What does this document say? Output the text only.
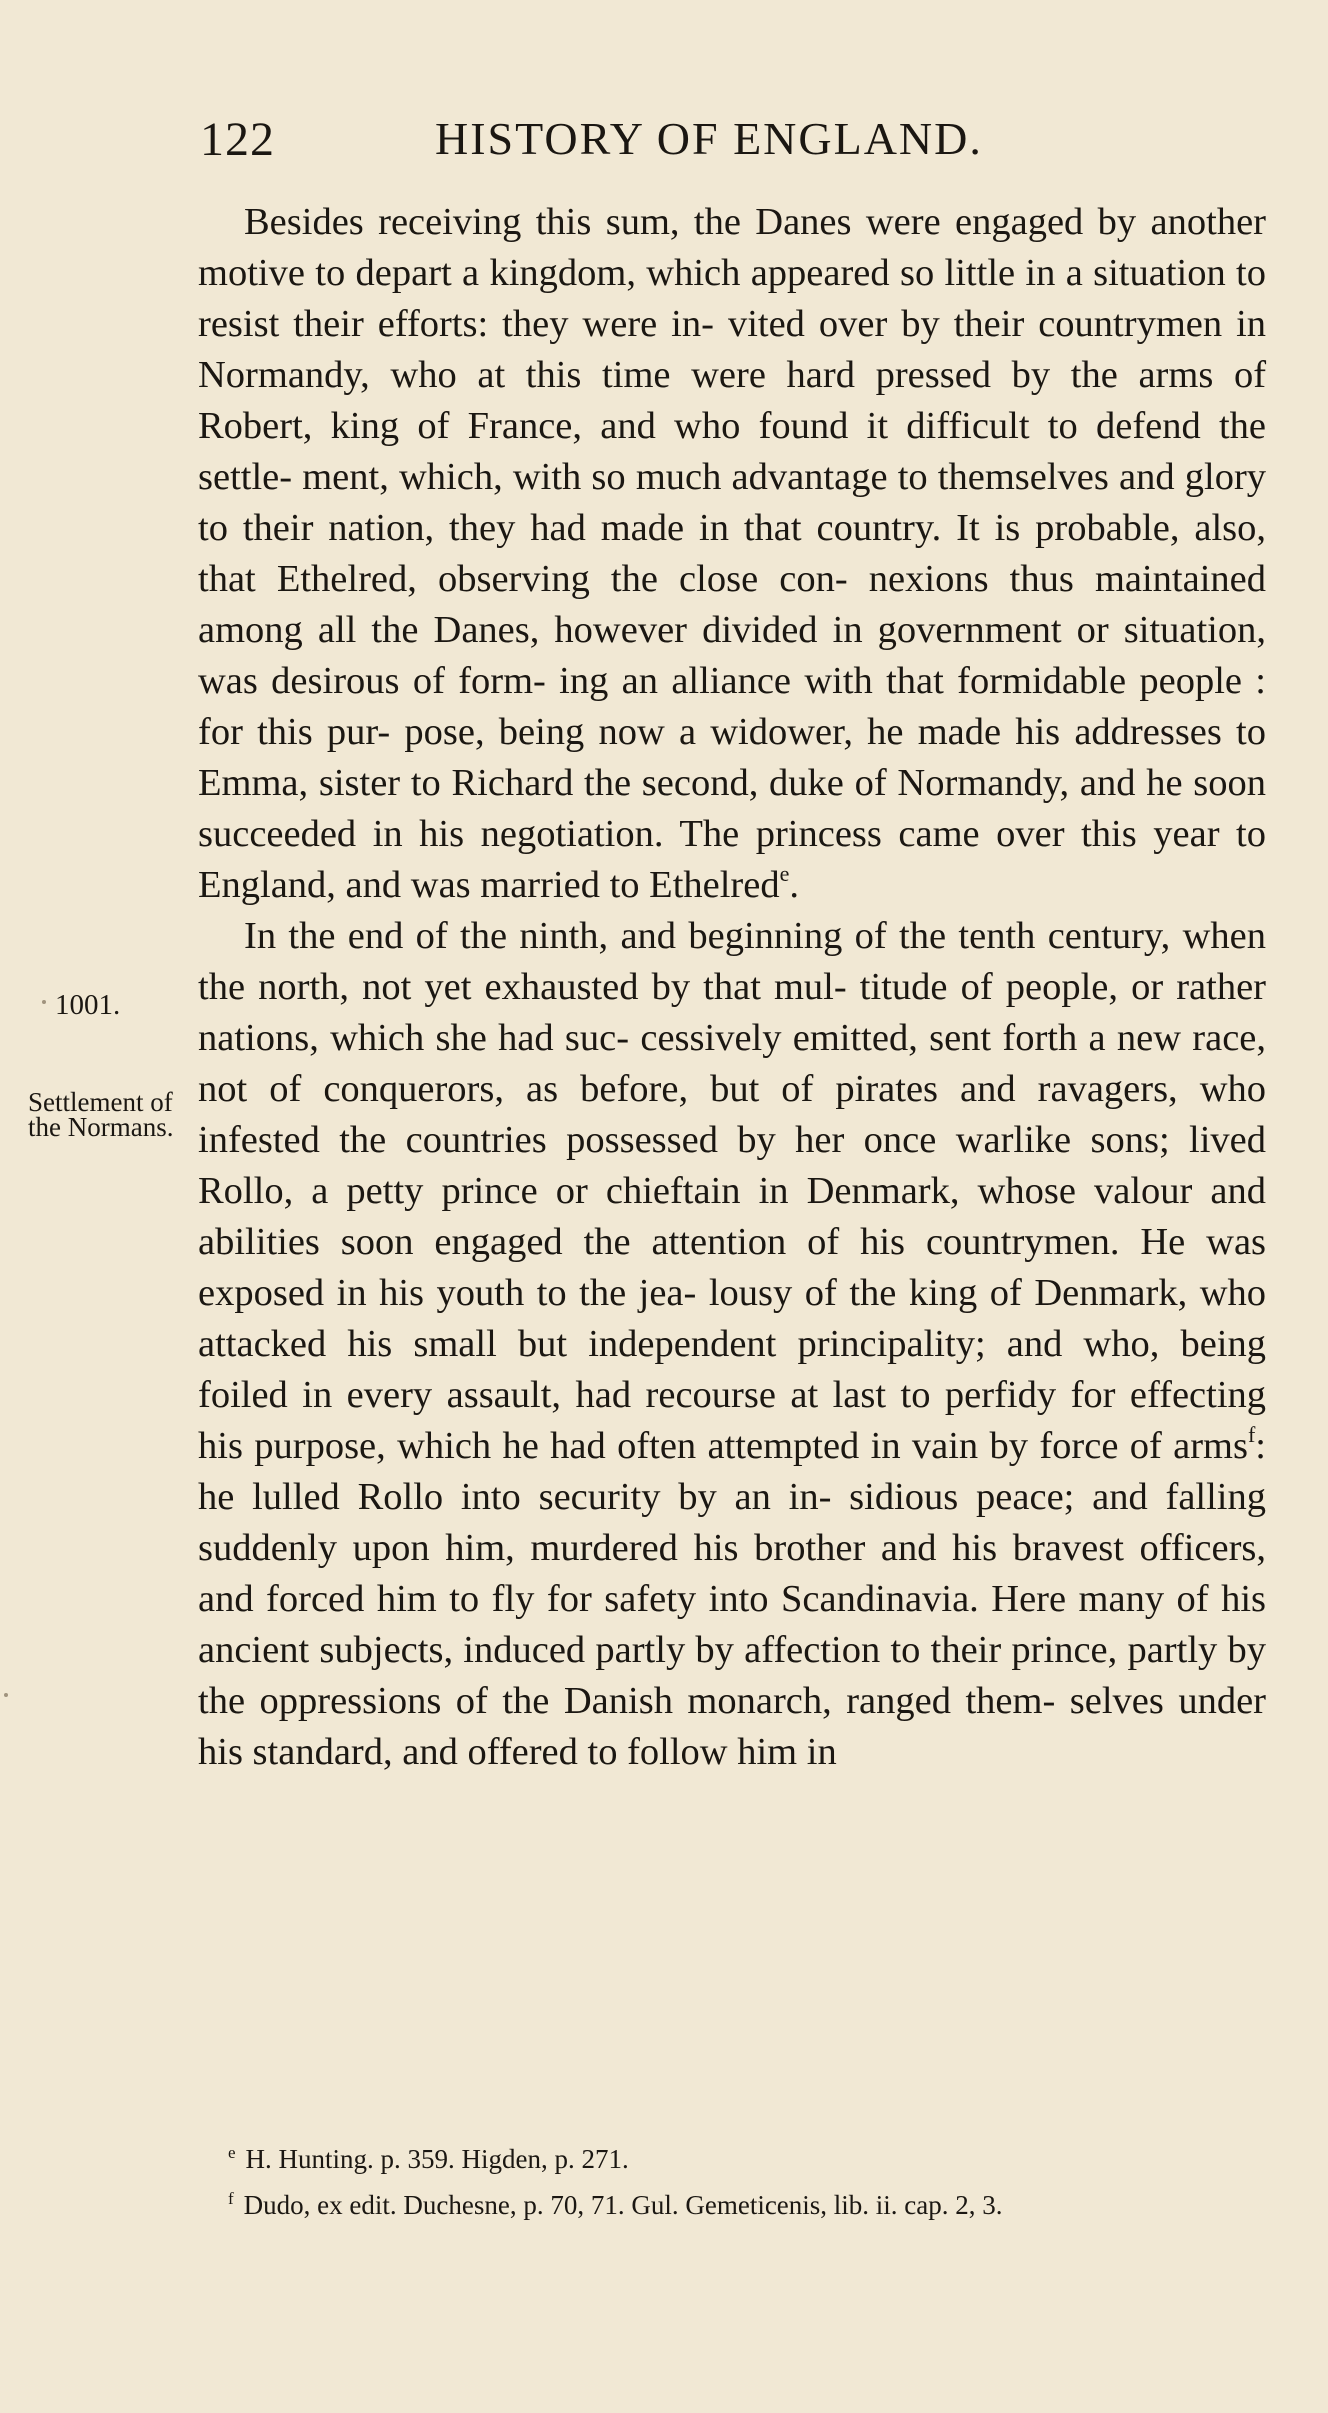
122	HISTORY OF ENGLAND.
1001.
Settlement of the Normans.

Besides receiving this sum, the Danes were engaged by another motive to depart a kingdom, which appeared so little in a situation to resist their efforts: they were in- vited over by their countrymen in Normandy, who at this time were hard pressed by the arms of Robert, king of France, and who found it difficult to defend the settle- ment, which, with so much advantage to themselves and glory to their nation, they had made in that country. It is probable, also, that Ethelred, observing the close con- nexions thus maintained among all the Danes, however divided in government or situation, was desirous of form- ing an alliance with that formidable people : for this pur- pose, being now a widower, he made his addresses to Emma, sister to Richard the second, duke of Normandy, and he soon succeeded in his negotiation. The princess came over this year to England, and was married to Ethelred$^e$.

In the end of the ninth, and beginning of the tenth century, when the north, not yet exhausted by that mul- titude of people, or rather nations, which she had suc- cessively emitted, sent forth a new race, not of conquerors, as before, but of pirates and ravagers, who infested the countries possessed by her once warlike sons; lived Rollo, a petty prince or chieftain in Denmark, whose valour and abilities soon engaged the attention of his countrymen. He was exposed in his youth to the jea- lousy of the king of Denmark, who attacked his small but independent principality; and who, being foiled in every assault, had recourse at last to perfidy for effecting his purpose, which he had often attempted in vain by force of arms$^f$: he lulled Rollo into security by an in- sidious peace; and falling suddenly upon him, murdered his brother and his bravest officers, and forced him to fly for safety into Scandinavia. Here many of his ancient subjects, induced partly by affection to their prince, partly by the oppressions of the Danish monarch, ranged them- selves under his standard, and offered to follow him in

$^e$ H. Hunting. p. 359. Higden, p. 271.

$^f$ Dudo, ex edit. Duchesne, p. 70, 71. Gul. Gemeticenis, lib. ii. cap. 2, 3.
